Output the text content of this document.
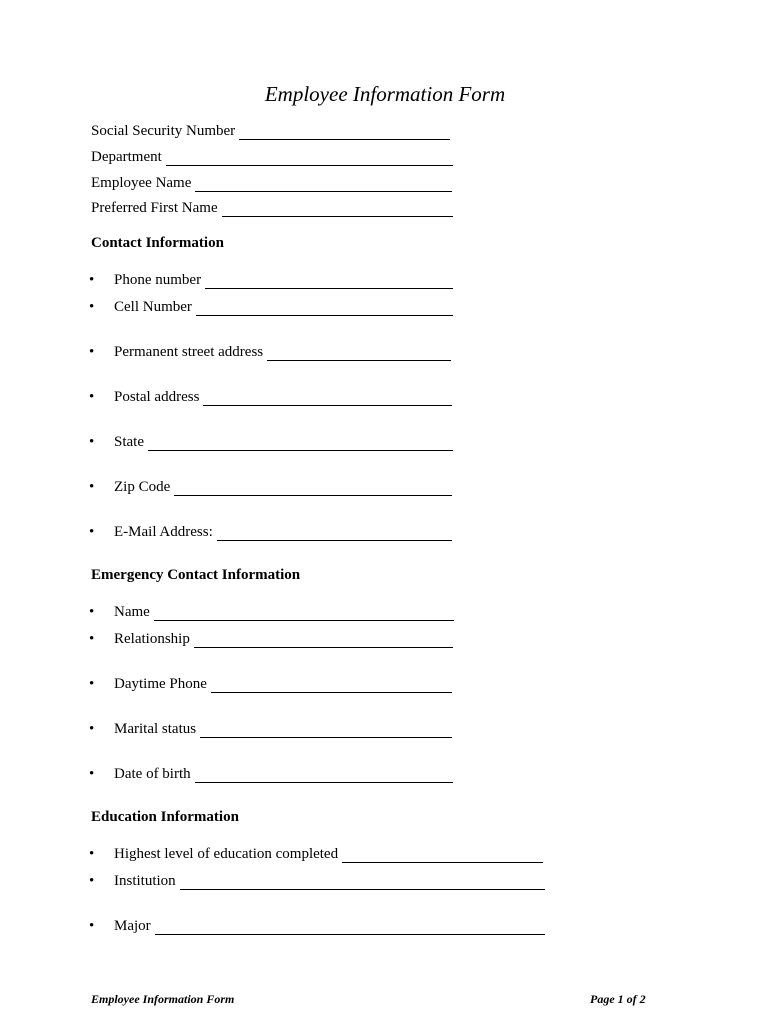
Employee Information Form
Social Security Number
Department
Employee Name
Preferred First Name
Contact Information
•	Phone number
•	Cell Number
•	Permanent street address
•	Postal address
•	State
•	Zip Code
•	E-Mail Address:
Emergency Contact Information
•	Name
•	Relationship
•	Daytime Phone
•	Marital status
•	Date of birth
Education Information
•	Highest level of education completed
•	Institution
•	Major
Employee Information Form	Page 1 of 2
